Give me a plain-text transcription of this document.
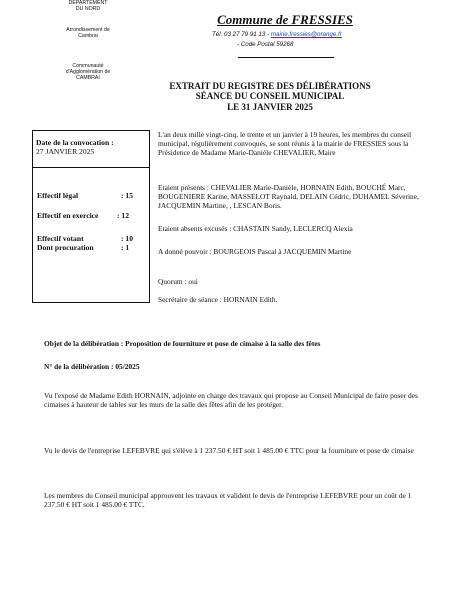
DEPARTEMENT
DU NORD
Arrondissement de
Cambrai
Communauté
d'Agglomération de
CAMBRAI
Commune de FRESSIES
Tél. 03 27 79 91 13 - mairie.fressies@orange.fr
- Code Postal 59268
EXTRAIT DU REGISTRE DES DÉLIBÉRATIONS
SÉANCE DU CONSEIL MUNICIPAL
LE 31 JANVIER 2025
Date de la convocation :
27 JANVIER 2025
Effectif légal	: 15
Effectif en exercice : 12
Effectif votant	: 10
Dont procuration	: 1
L'an deux mille vingt-cinq, le trente et un janvier à 19 heures, les membres du conseil municipal, régulièrement convoqués, se sont réunis à la mairie de FRESSIES sous la Présidence de Madame Marie-Danièle CHEVALIER, Maire
Etaient présents : CHEVALIER Marie-Danièle, HORNAIN Edith, BOUCHÉ Marc, BOUGENIERE Karine, MASSELOT Raynald, DELAIN Cédric, DUHAMEL Séverine, JACQUEMIN Martine, , LESCAN Boris.
Etaient absents excusés : CHASTAIN Sandy, LECLERCQ Alexia
A donné pouvoir : BOURGEOIS Pascal à JACQUEMIN Martine
Quorum : oui
Secrétaire de séance : HORNAIN Edith.
Objet de la délibération : Proposition de fourniture et pose de cimaise à la salle des fêtes
N° de la délibération : 05/2025
Vu l'exposé de Madame Edith HORNAIN, adjointe en charge des travaux qui propose au Conseil Municipal de faire poser des cimaises à hauteur de tables sur les murs de la salle des fêtes afin de les protéger.
Vu le devis de l'entreprise LEFEBVRE qui s'élève à 1 237.50 € HT soit 1 485.00 € TTC pour la fourniture et pose de cimaise
Les membres du Conseil municipal approuvent les travaux et valident le devis de l'entreprise LEFEBVRE pour un coût de 1 237.50 € HT soit 1 485.00 € TTC.
